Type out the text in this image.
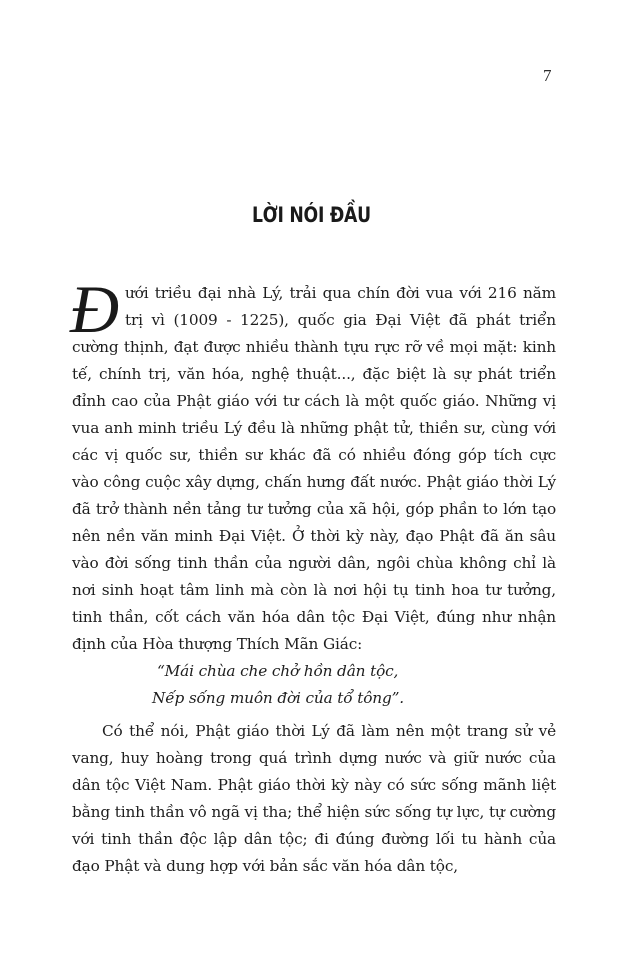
7
LỜI NÓI ĐẦU

Đưới triều đại nhà Lý, trải qua chín đời vua với 216 năm trị vì (1009 - 1225), quốc gia Đại Việt đã phát triển cường thịnh, đạt được nhiều thành tựu rực rỡ về mọi mặt: kinh tế, chính trị, văn hóa, nghệ thuật..., đặc biệt là sự phát triển đỉnh cao của Phật giáo với tư cách là một quốc giáo. Những vị vua anh minh triều Lý đều là những phật tử, thiền sư, cùng với các vị quốc sư, thiền sư khác đã có nhiều đóng góp tích cực vào công cuộc xây dựng, chấn hưng đất nước. Phật giáo thời Lý đã trở thành nền tảng tư tưởng của xã hội, góp phần to lớn tạo nên nền văn minh Đại Việt. Ở thời kỳ này, đạo Phật đã ăn sâu vào đời sống tinh thần của người dân, ngôi chùa không chỉ là nơi sinh hoạt tâm linh mà còn là nơi hội tụ tinh hoa tư tưởng, tinh thần, cốt cách văn hóa dân tộc Đại Việt, đúng như nhận định của Hòa thượng Thích Mãn Giác:

“Mái chùa che chở hồn dân tộc,

Nếp sống muôn đời của tổ tông”.

Có thể nói, Phật giáo thời Lý đã làm nên một trang sử vẻ vang, huy hoàng trong quá trình dựng nước và giữ nước của dân tộc Việt Nam. Phật giáo thời kỳ này có sức sống mãnh liệt bằng tinh thần vô ngã vị tha; thể hiện sức sống tự lực, tự cường với tinh thần độc lập dân tộc; đi đúng đường lối tu hành của đạo Phật và dung hợp với bản sắc văn hóa dân tộc,
